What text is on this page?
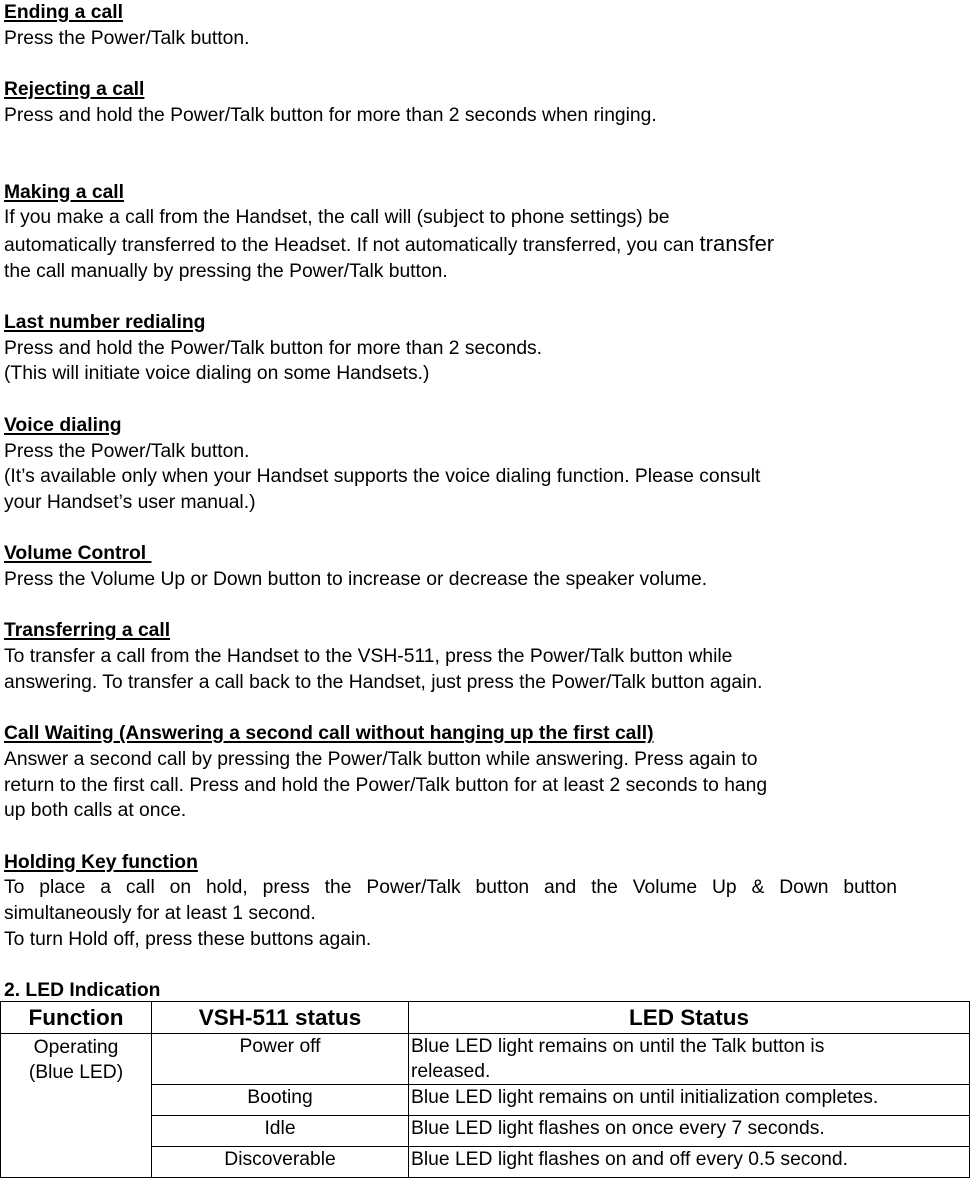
Ending a call
Press the Power/Talk button.
Rejecting a call
Press and hold the Power/Talk button for more than 2 seconds when ringing.
Making a call
If you make a call from the Handset, the call will (subject to phone settings) be
automatically transferred to the Headset. If not automatically transferred, you can transfer
the call manually by pressing the Power/Talk button.
Last number redialing
Press and hold the Power/Talk button for more than 2 seconds.
(This will initiate voice dialing on some Handsets.)
Voice dialing
Press the Power/Talk button.
(It’s available only when your Handset supports the voice dialing function. Please consult
your Handset’s user manual.)
Volume Control
Press the Volume Up or Down button to increase or decrease the speaker volume.
Transferring a call
To transfer a call from the Handset to the VSH-511, press the Power/Talk button while
answering. To transfer a call back to the Handset, just press the Power/Talk button again.
Call Waiting (Answering a second call without hanging up the first call)
Answer a second call by pressing the Power/Talk button while answering. Press again to
return to the first call. Press and hold the Power/Talk button for at least 2 seconds to hang
up both calls at once.
Holding Key function
To place a call on hold, press the Power/Talk button and the Volume Up & Down button
simultaneously for at least 1 second.
To turn Hold off, press these buttons again.
2. LED Indication
Function	VSH-511 status	LED Status

Operating
(Blue LED)	Power off	Blue LED light remains on until the Talk button is
released.

	Booting	Blue LED light remains on until initialization completes.
	Idle	Blue LED light flashes on once every 7 seconds.
	Discoverable	Blue LED light flashes on and off every 0.5 second.
